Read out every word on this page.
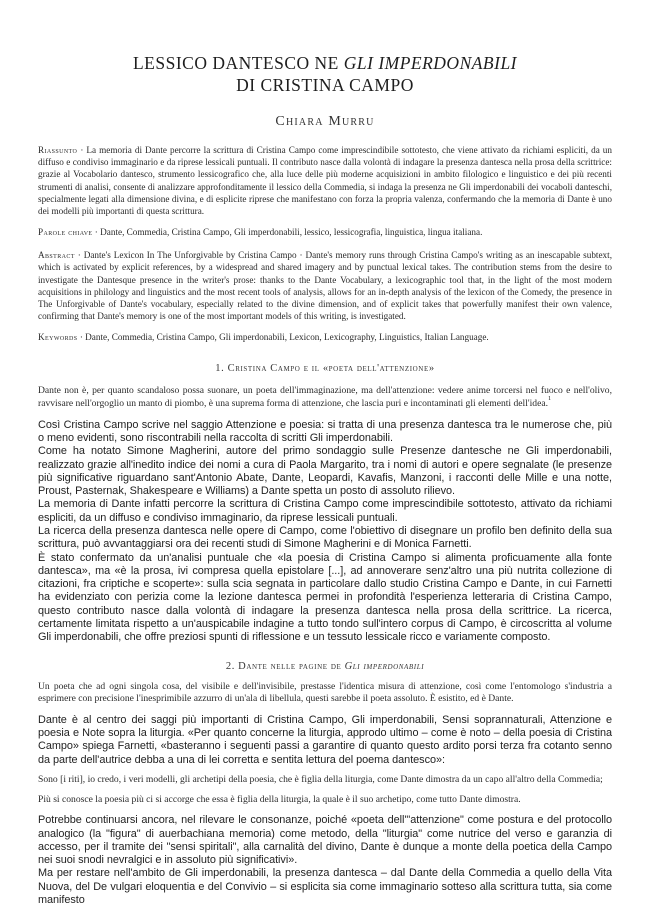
LESSICO DANTESCO NE GLI IMPERDONABILI
DI CRISTINA CAMPO
Chiara Murru
Riassunto · La memoria di Dante percorre la scrittura di Cristina Campo come imprescindibile sottotesto, che viene attivato da richiami espliciti, da un diffuso e condiviso immaginario e da riprese lessicali puntuali. Il contributo nasce dalla volontà di indagare la presenza dantesca nella prosa della scrittrice: grazie al Vocabolario dantesco, strumento lessicografico che, alla luce delle più moderne acquisizioni in ambito filologico e linguistico e dei più recenti strumenti di analisi, consente di analizzare approfonditamente il lessico della Commedia, si indaga la presenza ne Gli imperdonabili dei vocaboli danteschi, specialmente legati alla dimensione divina, e di esplicite riprese che manifestano con forza la propria valenza, confermando che la memoria di Dante è uno dei modelli più importanti di questa scrittura.
Parole chiave · Dante, Commedia, Cristina Campo, Gli imperdonabili, lessico, lessicografia, linguistica, lingua italiana.
Abstract · Dante's Lexicon In The Unforgivable by Cristina Campo · Dante's memory runs through Cristina Campo's writing as an inescapable subtext, which is activated by explicit references, by a widespread and shared imagery and by punctual lexical takes. The contribution stems from the desire to investigate the Dantesque presence in the writer's prose: thanks to the Dante Vocabulary, a lexicographic tool that, in the light of the most modern acquisitions in philology and linguistics and the most recent tools of analysis, allows for an in-depth analysis of the lexicon of the Comedy, the presence in The Unforgivable of Dante's vocabulary, especially related to the divine dimension, and of explicit takes that powerfully manifest their own valence, confirming that Dante's memory is one of the most important models of this writing, is investigated.
Keywords · Dante, Commedia, Cristina Campo, Gli imperdonabili, Lexicon, Lexicography, Linguistics, Italian Language.
1. Cristina Campo e il «poeta dell'attenzione»
Dante non è, per quanto scandaloso possa suonare, un poeta dell'immaginazione, ma dell'attenzione: vedere anime torcersi nel fuoco e nell'olivo, ravvisare nell'orgoglio un manto di piombo, è una suprema forma di attenzione, che lascia puri e incontaminati gli elementi dell'idea.$^1$

Così Cristina Campo scrive nel saggio Attenzione e poesia: si tratta di una presenza dantesca tra le numerose che, più o meno evidenti, sono riscontrabili nella raccolta di scritti Gli imperdonabili.

Come ha notato Simone Magherini, autore del primo sondaggio sulle Presenze dantesche ne Gli imperdonabili, realizzato grazie all'inedito indice dei nomi a cura di Paola Margarito, tra i nomi di autori e opere segnalate (le presenze più significative riguardano sant'Antonio Abate, Dante, Leopardi, Kavafis, Manzoni, i racconti delle Mille e una notte, Proust, Pasternak, Shakespeare e Williams) a Dante spetta un posto di assoluto rilievo.

La memoria di Dante infatti percorre la scrittura di Cristina Campo come imprescindibile sottotesto, attivato da richiami espliciti, da un diffuso e condiviso immaginario, da riprese lessicali puntuali.

La ricerca della presenza dantesca nelle opere di Campo, come l'obiettivo di disegnare un profilo ben definito della sua scrittura, può avvantaggiarsi ora dei recenti studi di Simone Magherini e di Monica Farnetti.

È stato confermato da un'analisi puntuale che «la poesia di Cristina Campo si alimenta proficuamente alla fonte dantesca», ma «è la prosa, ivi compresa quella epistolare [...], ad annoverare senz'altro una più nutrita collezione di citazioni, fra criptiche e scoperte»: sulla scia segnata in particolare dallo studio Cristina Campo e Dante, in cui Farnetti ha evidenziato con perizia come la lezione dantesca permei in profondità l'esperienza letteraria di Cristina Campo, questo contributo nasce dalla volontà di indagare la presenza dantesca nella prosa della scrittrice. La ricerca, certamente limitata rispetto a un'auspicabile indagine a tutto tondo sull'intero corpus di Campo, è circoscritta al volume Gli imperdonabili, che offre preziosi spunti di riflessione e un tessuto lessicale ricco e variamente composto.

2. Dante nelle pagine de Gli imperdonabili
Un poeta che ad ogni singola cosa, del visibile e dell'invisibile, prestasse l'identica misura di attenzione, così come l'entomologo s'industria a esprimere con precisione l'inesprimibile azzurro di un'ala di libellula, questi sarebbe il poeta assoluto. È esistito, ed è Dante.
Dante è al centro dei saggi più importanti di Cristina Campo, Gli imperdonabili, Sensi soprannaturali, Attenzione e poesia e Note sopra la liturgia. «Per quanto concerne la liturgia, approdo ultimo – come è noto – della poesia di Cristina Campo» spiega Farnetti, «basteranno i seguenti passi a garantire di quanto questo ardito porsi terza fra cotanto senno da parte dell'autrice debba a una di lei corretta e sentita lettura del poema dantesco»:
Sono [i riti], io credo, i veri modelli, gli archetipi della poesia, che è figlia della liturgia, come Dante dimostra da un capo all'altro della Commedia;
Più si conosce la poesia più ci si accorge che essa è figlia della liturgia, la quale è il suo archetipo, come tutto Dante dimostra.

Potrebbe continuarsi ancora, nel rilevare le consonanze, poiché «poeta dell'"attenzione" come postura e del protocollo analogico (la "figura" di auerbachiana memoria) come metodo, della "liturgia" come nutrice del verso e garanzia di accesso, per il tramite dei "sensi spiritali", alla carnalità del divino, Dante è dunque a monte della poetica della Campo nei suoi snodi nevralgici e in assoluto più significativi».

Ma per restare nell'ambito de Gli imperdonabili, la presenza dantesca – dal Dante della Commedia a quello della Vita Nuova, del De vulgari eloquentia e del Convivio – si esplicita sia come immaginario sotteso alla scrittura tutta, sia come manifesto
